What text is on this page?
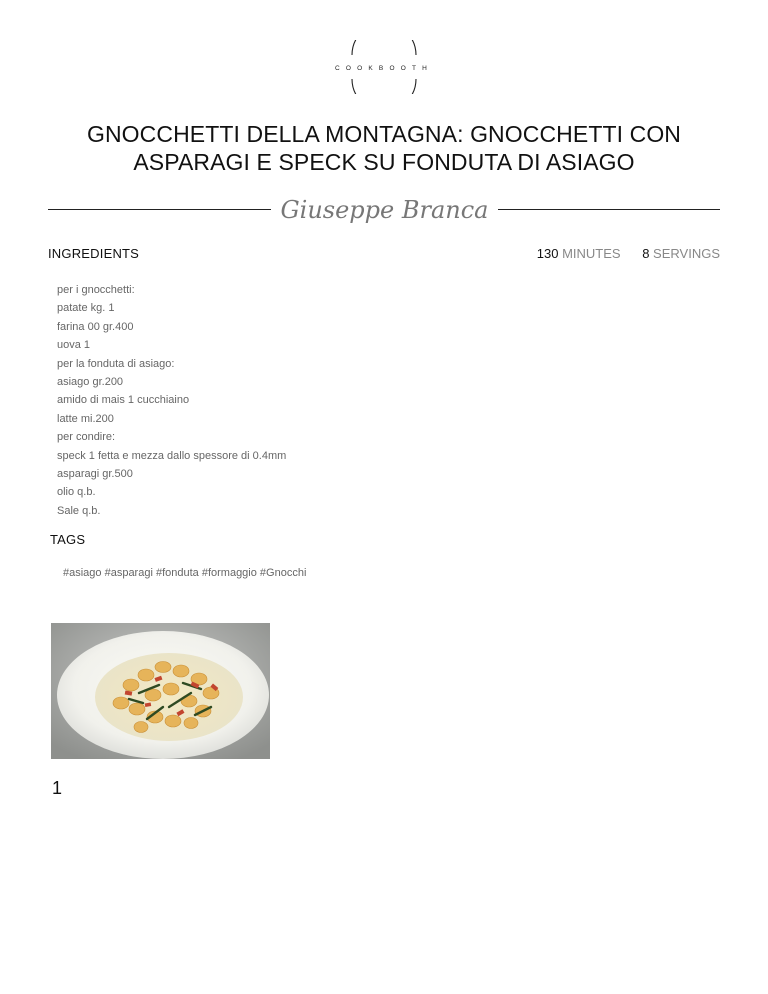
COOKBOOTH
GNOCCHETTI DELLA MONTAGNA: GNOCCHETTI CON ASPARAGI E SPECK SU FONDUTA DI ASIAGO
Giuseppe Branca
INGREDIENTS	130 MINUTES 8 SERVINGS
per i gnocchetti:
patate kg. 1
farina 00 gr.400
uova 1
per la fonduta di asiago:
asiago gr.200
amido di mais 1 cucchiaino
latte mi.200
per condire:
speck 1 fetta e mezza dallo spessore di 0.4mm
asparagi gr.500
olio q.b.
Sale q.b.
TAGS
#asiago #asparagi #fonduta #formaggio #Gnocchi
1
